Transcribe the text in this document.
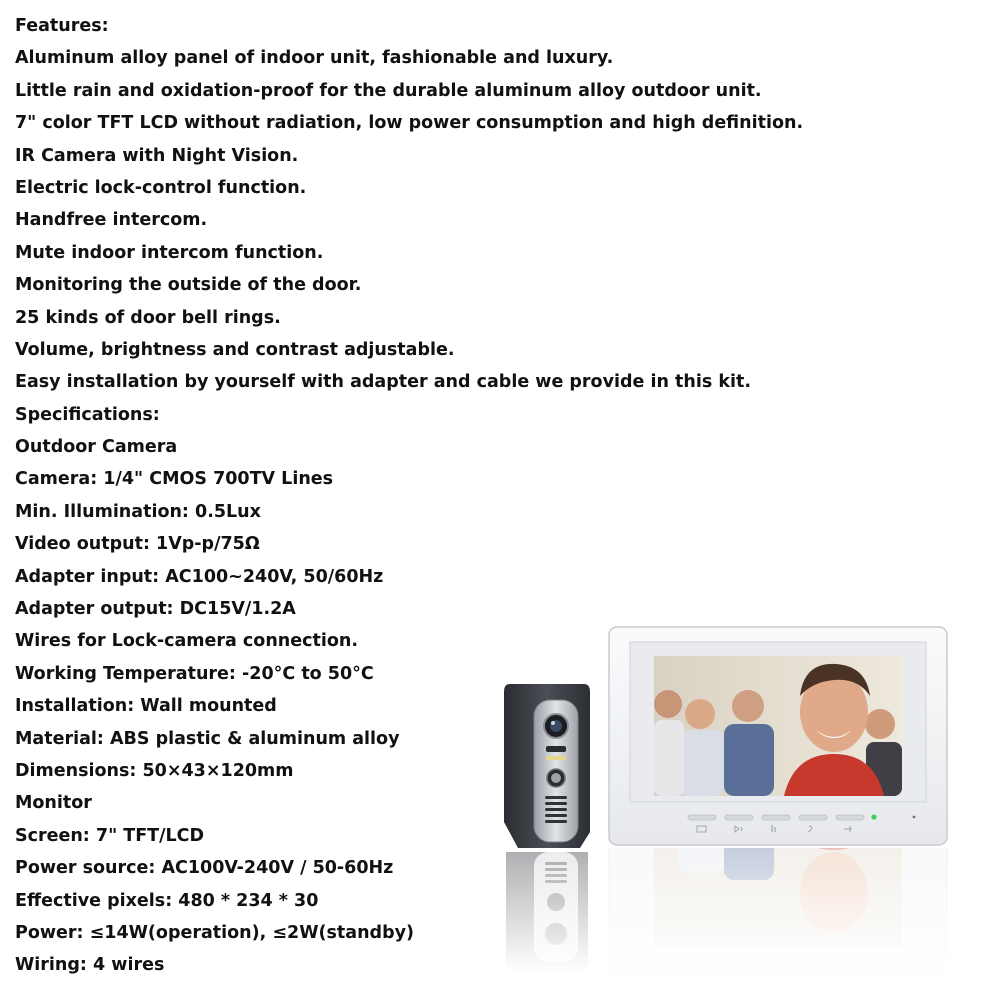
Features:
Aluminum alloy panel of indoor unit, fashionable and luxury.
Little rain and oxidation-proof for the durable aluminum alloy outdoor unit.
7" color TFT LCD without radiation, low power consumption and high definition.
IR Camera with Night Vision.
Electric lock-control function.
Handfree intercom.
Mute indoor intercom function.
Monitoring the outside of the door.
25 kinds of door bell rings.
Volume, brightness and contrast adjustable.
Easy installation by yourself with adapter and cable we provide in this kit.
Specifications:
Outdoor Camera
Camera: 1/4" CMOS 700TV Lines
Min. Illumination: 0.5Lux
Video output: 1Vp-p/75Ω
Adapter input: AC100~240V, 50/60Hz
Adapter output: DC15V/1.2A
Wires for Lock-camera connection.
Working Temperature: -20°C to 50°C
Installation: Wall mounted
Material: ABS plastic & aluminum alloy
Dimensions: 50×43×120mm
Monitor
Screen: 7" TFT/LCD
Power source: AC100V-240V / 50-60Hz
Effective pixels: 480 * 234 * 30
Power: ≤14W(operation), ≤2W(standby)
Wiring: 4 wires
